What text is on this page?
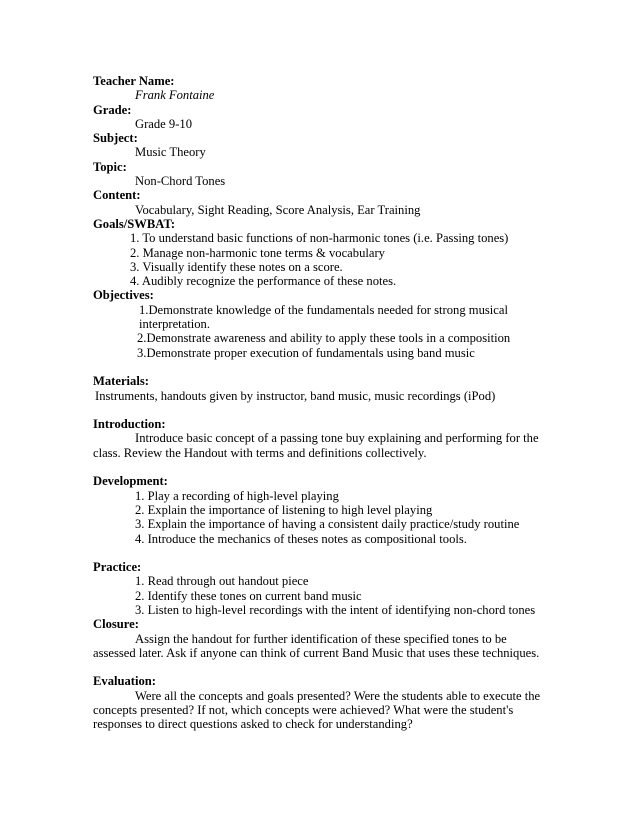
Teacher Name:
Frank Fontaine
Grade:
Grade 9-10
Subject:
Music Theory
Topic:
Non-Chord Tones
Content:
Vocabulary, Sight Reading, Score Analysis, Ear Training
Goals/SWBAT:
1. To understand basic functions of non-harmonic tones (i.e. Passing tones)
2. Manage non-harmonic tone terms & vocabulary
3. Visually identify these notes on a score.
4. Audibly recognize the performance of these notes.
Objectives:
1.Demonstrate knowledge of the fundamentals needed for strong musical
interpretation.
2.Demonstrate awareness and ability to apply these tools in a composition
3.Demonstrate proper execution of fundamentals using band music
Materials:
Instruments, handouts given by instructor, band music, music recordings (iPod)
Introduction:
Introduce basic concept of a passing tone buy explaining and performing for the class. Review the Handout with terms and definitions collectively.
Development:
1. Play a recording of high-level playing
2. Explain the importance of listening to high level playing
3. Explain the importance of having a consistent daily practice/study routine
4. Introduce the mechanics of theses notes as compositional tools.
Practice:
1. Read through out handout piece
2. Identify these tones on current band music
3. Listen to high-level recordings with the intent of identifying non-chord tones
Closure:
Assign the handout for further identification of these specified tones to be assessed later. Ask if anyone can think of current Band Music that uses these techniques.
Evaluation:
Were all the concepts and goals presented? Were the students able to execute the concepts presented? If not, which concepts were achieved? What were the student's responses to direct questions asked to check for understanding?
